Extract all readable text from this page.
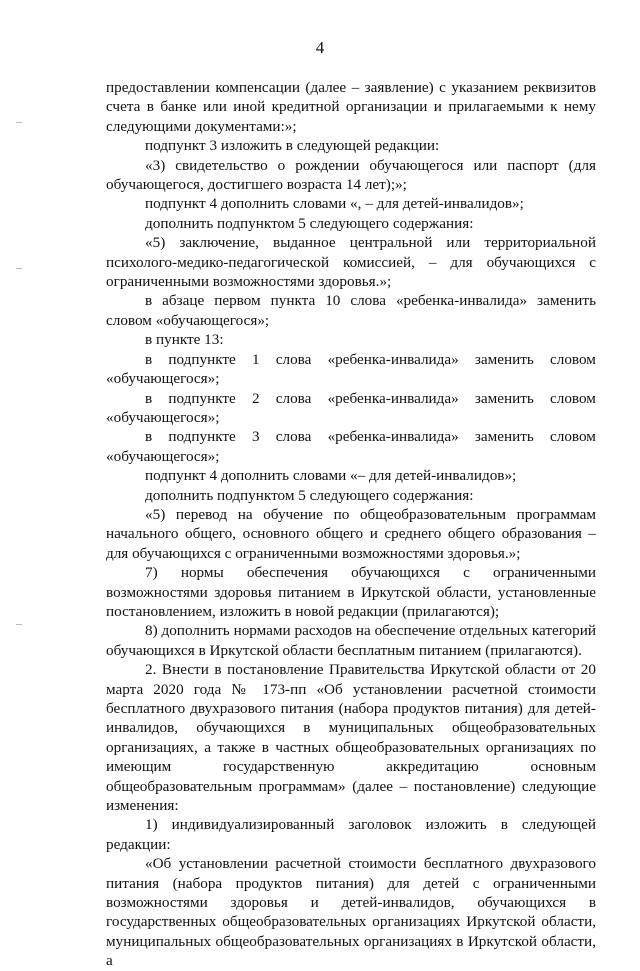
4

предоставлении компенсации (далее – заявление) с указанием реквизитов счета в банке или иной кредитной организации и прилагаемыми к нему следующими документами:»;

подпункт 3 изложить в следующей редакции:

«3) свидетельство о рождении обучающегося или паспорт (для обучающегося, достигшего возраста 14 лет);»;

подпункт 4 дополнить словами «, – для детей-инвалидов»;

дополнить подпунктом 5 следующего содержания:

«5) заключение, выданное центральной или территориальной психолого-медико-педагогической комиссией, – для обучающихся с ограниченными возможностями здоровья.»;

в абзаце первом пункта 10 слова «ребенка-инвалида» заменить словом «обучающегося»;

в пункте 13:

в подпункте 1 слова «ребенка-инвалида» заменить словом

«обучающегося»;

в подпункте 2 слова «ребенка-инвалида» заменить словом

«обучающегося»;

в подпункте 3 слова «ребенка-инвалида» заменить словом

«обучающегося»;

подпункт 4 дополнить словами «– для детей-инвалидов»;

дополнить подпунктом 5 следующего содержания:

«5) перевод на обучение по общеобразовательным программам начального общего, основного общего и среднего общего образования – для обучающихся с ограниченными возможностями здоровья.»;

7) нормы обеспечения обучающихся с ограниченными возможностями здоровья питанием в Иркутской области, установленные постановлением, изложить в новой редакции (прилагаются);

8) дополнить нормами расходов на обеспечение отдельных категорий обучающихся в Иркутской области бесплатным питанием (прилагаются).

2. Внести в постановление Правительства Иркутской области от 20 марта 2020 года № 173-пп «Об установлении расчетной стоимости бесплатного двухразового питания (набора продуктов питания) для детей-инвалидов, обучающихся в муниципальных общеобразовательных организациях, а также в частных общеобразовательных организациях по имеющим государственную аккредитацию основным общеобразовательным программам» (далее – постановление) следующие изменения:

1) индивидуализированный заголовок изложить в следующей редакции:

«Об установлении расчетной стоимости бесплатного двухразового питания (набора продуктов питания) для детей с ограниченными возможностями здоровья и детей-инвалидов, обучающихся в государственных общеобразовательных организациях Иркутской области, муниципальных общеобразовательных организациях в Иркутской области, а
